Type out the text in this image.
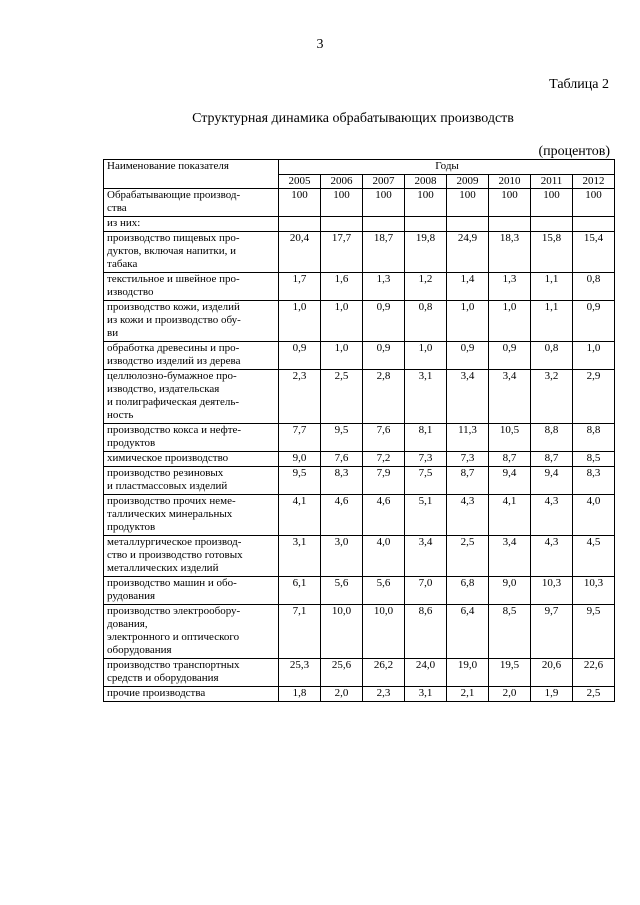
3
Таблица 2
Структурная динамика обрабатывающих производств
(процентов)
Наименование показателя	Годы							
	2005	2006	2007	2008	2009	2010	2011	2012
Обрабатывающие производ-
ства	100	100	100	100	100	100	100	100
из них:								
производство пищевых про-
дуктов, включая напитки, и
табака	20,4	17,7	18,7	19,8	24,9	18,3	15,8	15,4
текстильное и швейное про-
изводство	1,7	1,6	1,3	1,2	1,4	1,3	1,1	0,8
производство кожи, изделий
из кожи и производство обу-
ви	1,0	1,0	0,9	0,8	1,0	1,0	1,1	0,9
обработка древесины и про-
изводство изделий из дерева	0,9	1,0	0,9	1,0	0,9	0,9	0,8	1,0
целлюлозно-бумажное про-
изводство, издательская
и полиграфическая деятель-
ность	2,3	2,5	2,8	3,1	3,4	3,4	3,2	2,9
производство кокса и нефте-
продуктов	7,7	9,5	7,6	8,1	11,3	10,5	8,8	8,8
химическое производство	9,0	7,6	7,2	7,3	7,3	8,7	8,7	8,5
производство резиновых
и пластмассовых изделий	9,5	8,3	7,9	7,5	8,7	9,4	9,4	8,3
производство прочих неме-
таллических минеральных
продуктов	4,1	4,6	4,6	5,1	4,3	4,1	4,3	4,0
металлургическое производ-
ство и производство готовых
металлических изделий	3,1	3,0	4,0	3,4	2,5	3,4	4,3	4,5
производство машин и обо-
рудования	6,1	5,6	5,6	7,0	6,8	9,0	10,3	10,3
производство электрообору-
дования,
электронного и оптического
оборудования	7,1	10,0	10,0	8,6	6,4	8,5	9,7	9,5
производство транспортных
средств и оборудования	25,3	25,6	26,2	24,0	19,0	19,5	20,6	22,6
прочие производства	1,8	2,0	2,3	3,1	2,1	2,0	1,9	2,5
